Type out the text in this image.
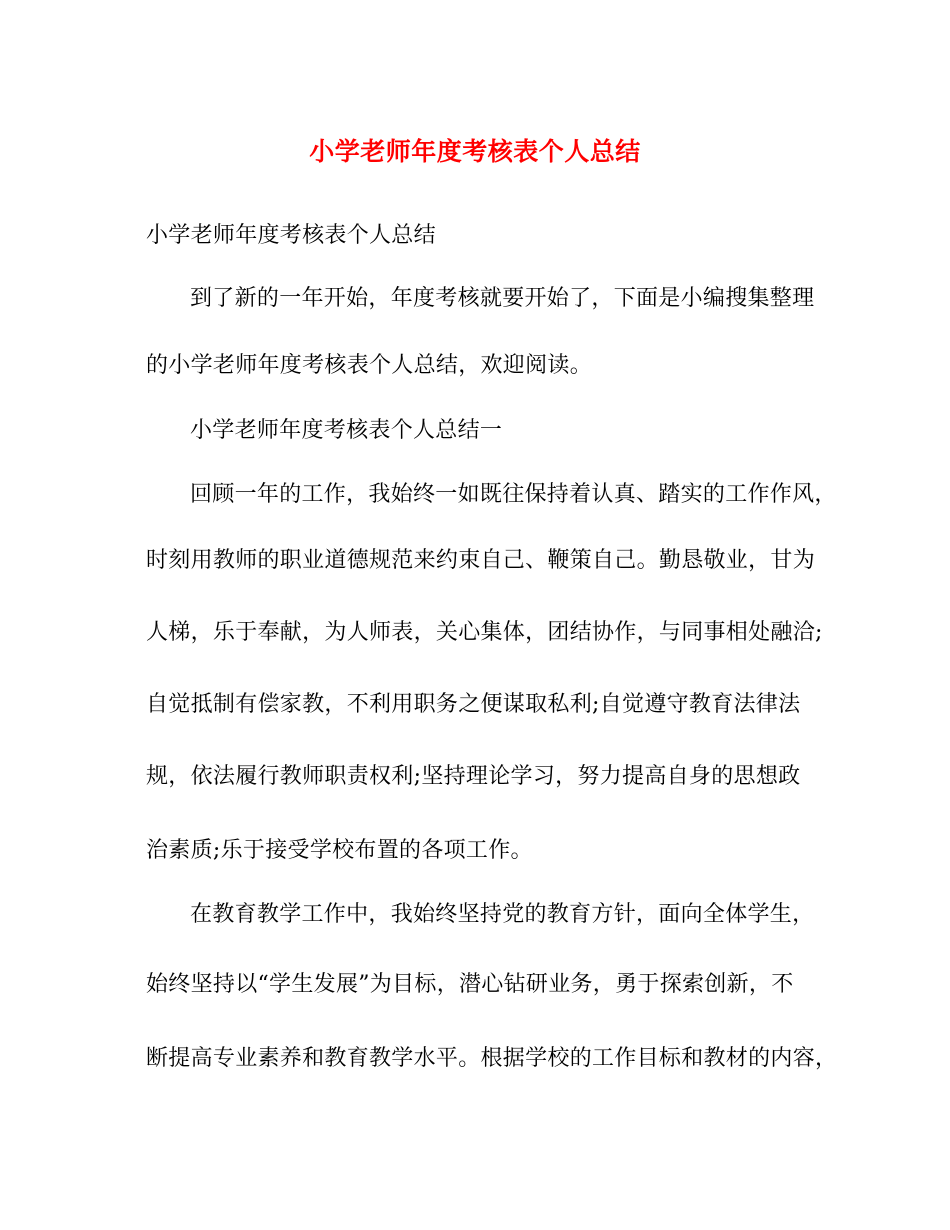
小学老师年度考核表个人总结
小学老师年度考核表个人总结
到了新的一年开始，年度考核就要开始了，下面是小编搜集整理
的小学老师年度考核表个人总结，欢迎阅读。
小学老师年度考核表个人总结一
回顾一年的工作，我始终一如既往保持着认真、踏实的工作作风，
时刻用教师的职业道德规范来约束自己、鞭策自己。勤恳敬业，甘为
人梯，乐于奉献，为人师表，关心集体，团结协作，与同事相处融洽;
自觉抵制有偿家教，不利用职务之便谋取私利;自觉遵守教育法律法
规，依法履行教师职责权利;坚持理论学习，努力提高自身的思想政
治素质;乐于接受学校布置的各项工作。
在教育教学工作中，我始终坚持党的教育方针，面向全体学生，
始终坚持以“学生发展”为目标，潜心钻研业务，勇于探索创新，不
断提高专业素养和教育教学水平。根据学校的工作目标和教材的内容，
